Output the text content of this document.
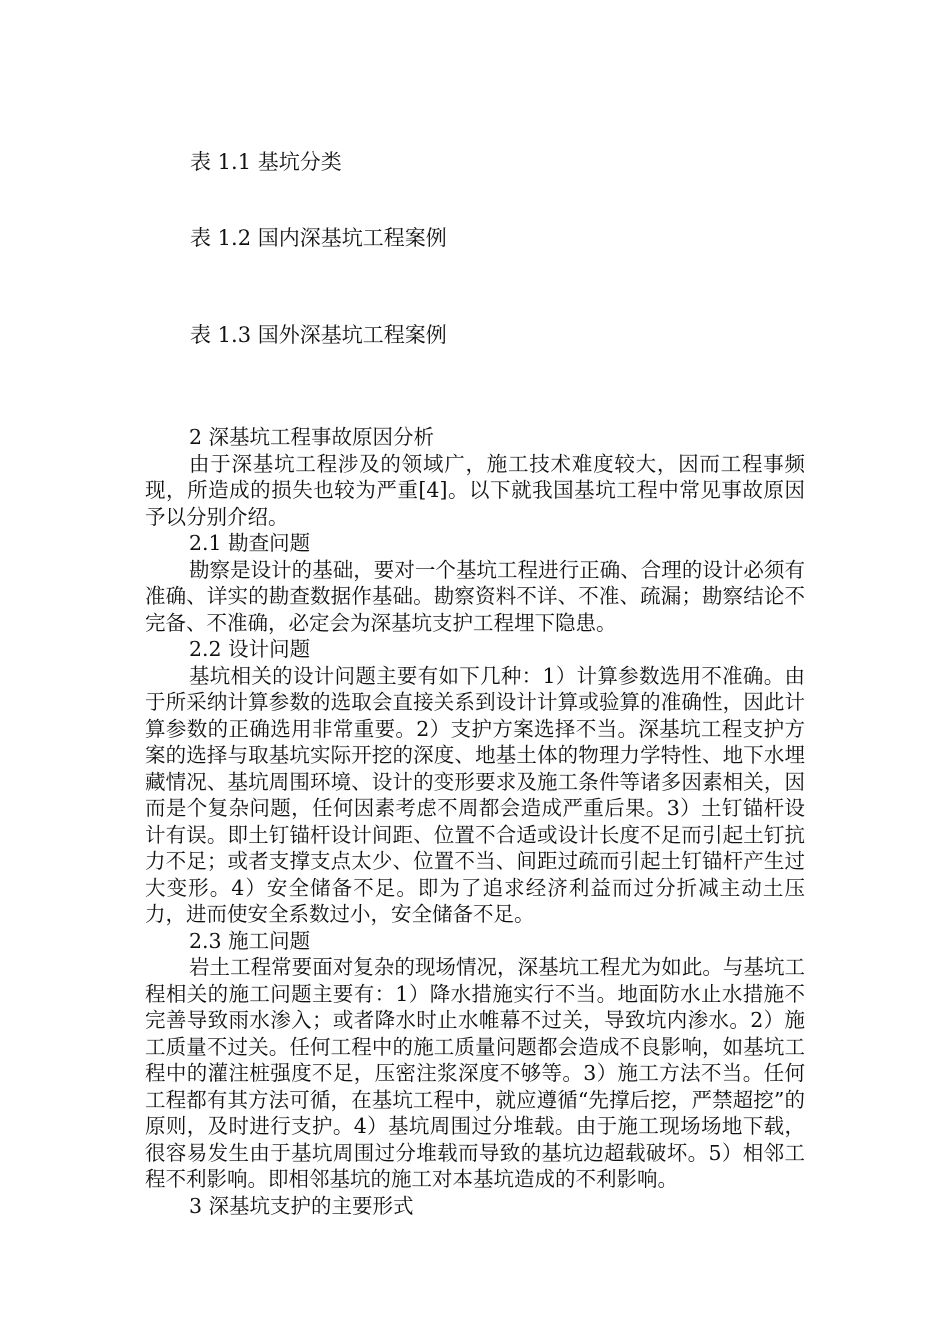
表 1.1 基坑分类
表 1.2 国内深基坑工程案例
表 1.3 国外深基坑工程案例

2 深基坑工程事故原因分析

由于深基坑工程涉及的领域广，施工技术难度较大，因而工程事频现，所造成的损失也较为严重[4]。以下就我国基坑工程中常见事故原因予以分别介绍。

2.1 勘查问题

勘察是设计的基础，要对一个基坑工程进行正确、合理的设计必须有准确、详实的勘查数据作基础。勘察资料不详、不准、疏漏；勘察结论不完备、不准确，必定会为深基坑支护工程埋下隐患。

2.2 设计问题

基坑相关的设计问题主要有如下几种：1）计算参数选用不准确。由于所采纳计算参数的选取会直接关系到设计计算或验算的准确性，因此计算参数的正确选用非常重要。2）支护方案选择不当。深基坑工程支护方案的选择与取基坑实际开挖的深度、地基土体的物理力学特性、地下水埋藏情况、基坑周围环境、设计的变形要求及施工条件等诸多因素相关，因而是个复杂问题，任何因素考虑不周都会造成严重后果。3）土钉锚杆设计有误。即土钉锚杆设计间距、位置不合适或设计长度不足而引起土钉抗力不足；或者支撑支点太少、位置不当、间距过疏而引起土钉锚杆产生过大变形。4）安全储备不足。即为了追求经济利益而过分折减主动土压力，进而使安全系数过小，安全储备不足。

2.3 施工问题

岩土工程常要面对复杂的现场情况，深基坑工程尤为如此。与基坑工程相关的施工问题主要有：1）降水措施实行不当。地面防水止水措施不完善导致雨水渗入；或者降水时止水帷幕不过关，导致坑内渗水。2）施工质量不过关。任何工程中的施工质量问题都会造成不良影响，如基坑工程中的灌注桩强度不足，压密注浆深度不够等。3）施工方法不当。任何工程都有其方法可循，在基坑工程中，就应遵循“先撑后挖，严禁超挖”的原则，及时进行支护。4）基坑周围过分堆载。由于施工现场场地下载，很容易发生由于基坑周围过分堆载而导致的基坑边超载破坏。5）相邻工程不利影响。即相邻基坑的施工对本基坑造成的不利影响。

3 深基坑支护的主要形式
